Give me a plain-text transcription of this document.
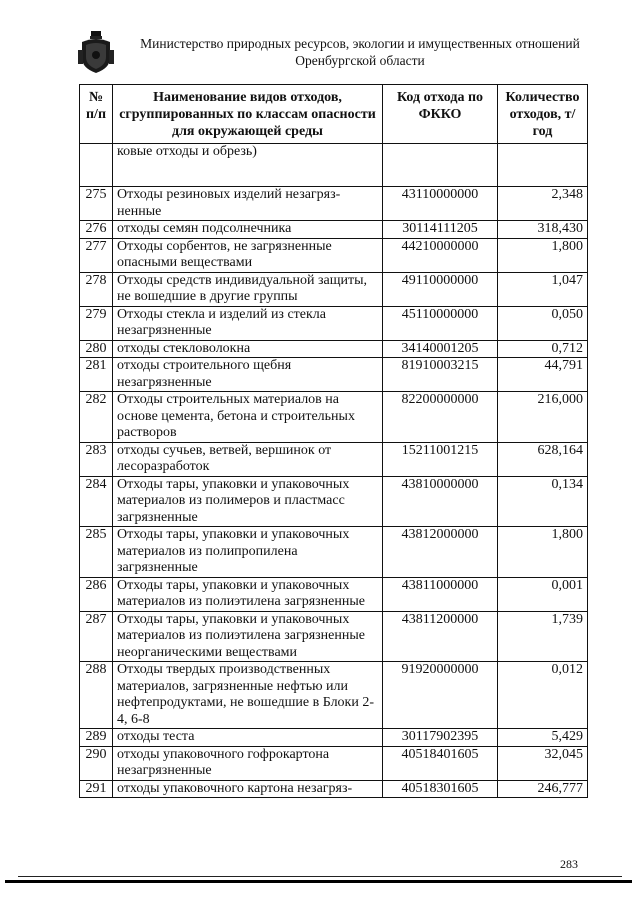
Министерство природных ресурсов, экологии и имущественных отношений
Оренбургской области
№ п/п	Наименование видов отходов, сгруппированных по классам опасности для окружающей среды	Код отхода по ФККО	Количество отходов, т/год
	ковые отходы и обрезь)		
275	Отходы резиновых изделий незагряз-ненные	43110000000	2,348
276	отходы семян подсолнечника	30114111205	318,430
277	Отходы сорбентов, не загрязненные опасными веществами	44210000000	1,800
278	Отходы средств индивидуальной защиты, не вошедшие в другие группы	49110000000	1,047
279	Отходы стекла и изделий из стекла незагрязненные	45110000000	0,050
280	отходы стекловолокна	34140001205	0,712
281	отходы строительного щебня незагрязненные	81910003215	44,791
282	Отходы строительных материалов на основе цемента, бетона и строительных растворов	82200000000	216,000
283	отходы сучьев, ветвей, вершинок от лесоразработок	15211001215	628,164
284	Отходы тары, упаковки и упаковочных материалов из полимеров и пластмасс загрязненные	43810000000	0,134
285	Отходы тары, упаковки и упаковочных материалов из полипропилена загрязненные	43812000000	1,800
286	Отходы тары, упаковки и упаковочных материалов из полиэтилена загрязненные	43811000000	0,001
287	Отходы тары, упаковки и упаковочных материалов из полиэтилена загрязненные неорганическими веществами	43811200000	1,739
288	Отходы твердых производственных материалов, загрязненные нефтью или нефтепродуктами, не вошедшие в Блоки 2-4, 6-8	91920000000	0,012
289	отходы теста	30117902395	5,429
290	отходы упаковочного гофрокартона незагрязненные	40518401605	32,045
291	отходы упаковочного картона незагряз-	40518301605	246,777
283
